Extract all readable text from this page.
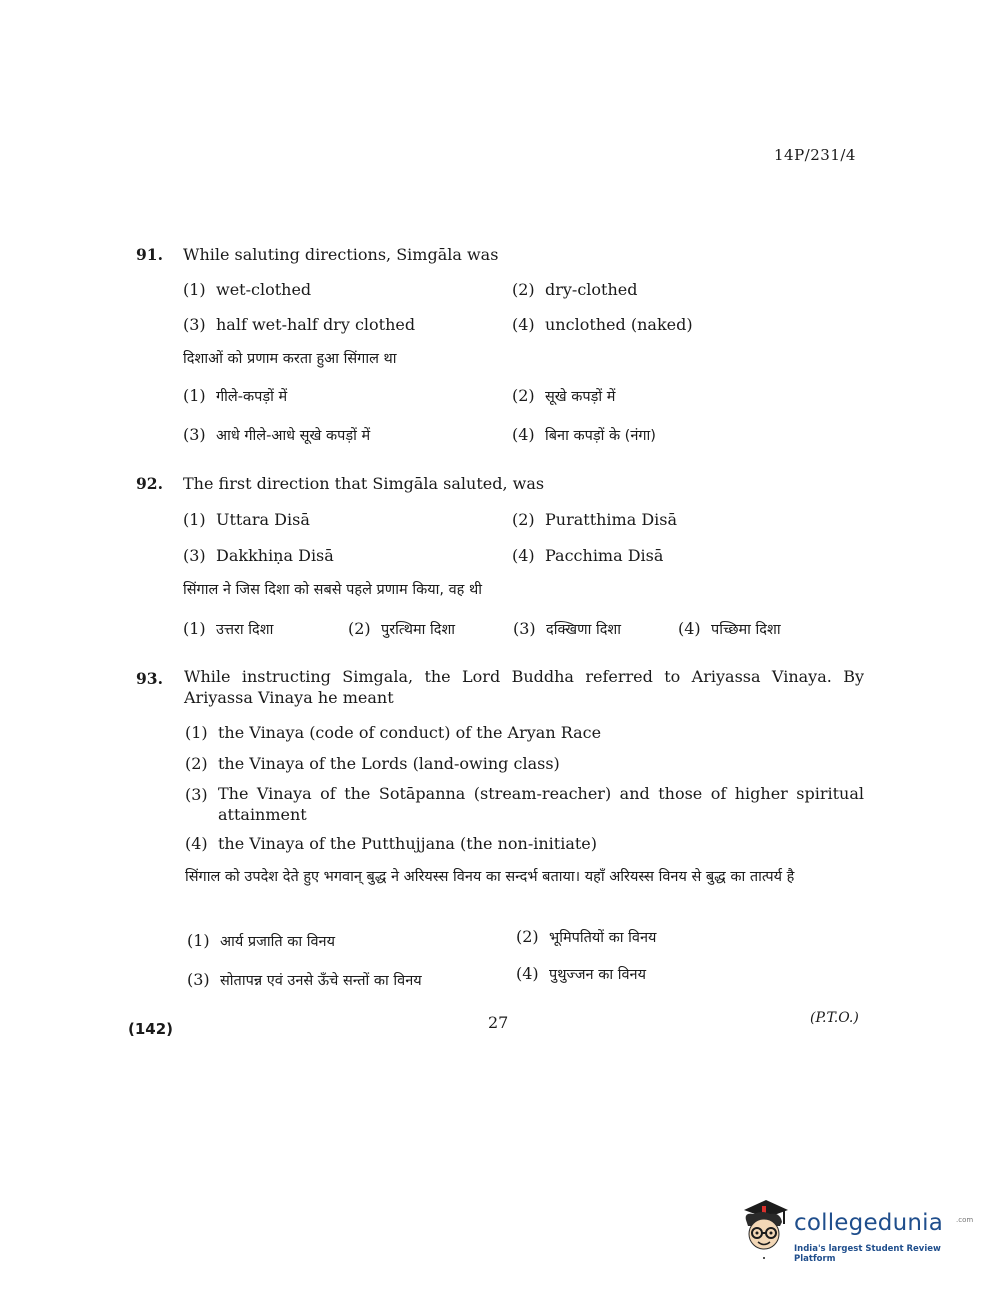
14P/231/4
91. While saluting directions, Simgāla was
(1) wet-clothed	(2) dry-clothed
(3) half wet-half dry clothed	(4) unclothed (naked)
दिशाओं को प्रणाम करता हुआ सिंगाल था
(1) गीले-कपड़ों में	(2) सूखे कपड़ों में
(3) आधे गीले-आधे सूखे कपड़ों में	(4) बिना कपड़ों के (नंगा)
92. The first direction that Simgāla saluted, was
(1) Uttara Disā	(2) Puratthima Disā
(3) Dakkhiṇa Disā	(4) Pacchima Disā
सिंगाल ने जिस दिशा को सबसे पहले प्रणाम किया, वह थी
(1) उत्तरा दिशा	(2) पुरत्थिमा दिशा	(3) दक्खिणा दिशा	(4) पच्छिमा दिशा
93. While instructing Simgala, the Lord Buddha referred to Ariyassa Vinaya. By Ariyassa Vinaya he meant
(1) the Vinaya (code of conduct) of the Aryan Race
(2) the Vinaya of the Lords (land-owing class)
(3) The Vinaya of the Sotāpanna (stream-reacher) and those of higher spiritual attainment
(4) the Vinaya of the Putthujjana (the non-initiate)
सिंगाल को उपदेश देते हुए भगवान् बुद्ध ने अरियस्स विनय का सन्दर्भ बताया। यहाँ अरियस्स विनय से बुद्ध का तात्पर्य है
(1) आर्य प्रजाति का विनय	(2) भूमिपतियों का विनय
(3) सोतापन्न एवं उनसे ऊँचे सन्तों का विनय	(4) पुथुज्जन का विनय
(142)	27	(P.T.O.)
collegedunia .com
India's largest Student Review Platform
